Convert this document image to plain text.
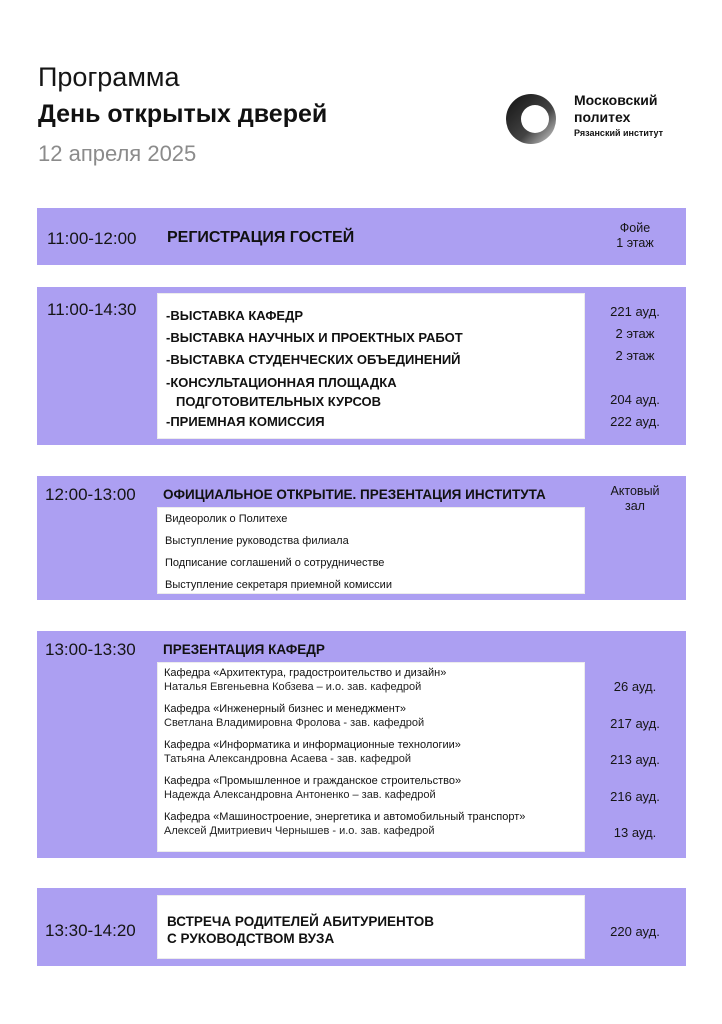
Программа
День открытых дверей
12 апреля 2025
Московский
политех
Рязанский институт
11:00-12:00 РЕГИСТРАЦИЯ ГОСТЕЙ
Фойе
1 этаж
11:00-14:30 -ВЫСТАВКА КАФЕДР
-ВЫСТАВКА НАУЧНЫХ И ПРОЕКТНЫХ РАБОТ
-ВЫСТАВКА СТУДЕНЧЕСКИХ ОБЪЕДИНЕНИЙ
-КОНСУЛЬТАЦИОННАЯ ПЛОЩАДКА
ПОДГОТОВИТЕЛЬНЫХ КУРСОВ
-ПРИЕМНАЯ КОМИССИЯ
221 ауд.
2 этаж
2 этаж
204 ауд.
222 ауд.
12:00-13:00 ОФИЦИАЛЬНОЕ ОТКРЫТИЕ. ПРЕЗЕНТАЦИЯ ИНСТИТУТА
Видеоролик о Политехе
Выступление руководства филиала
Подписание соглашений о сотрудничестве
Выступление секретаря приемной комиссии
Актовый
зал
13:00-13:30 ПРЕЗЕНТАЦИЯ КАФЕДР
Кафедра «Архитектура, градостроительство и дизайн»
Наталья Евгеньевна Кобзева – и.о. зав. кафедрой
Кафедра «Инженерный бизнес и менеджмент»
Светлана Владимировна Фролова - зав. кафедрой
Кафедра «Информатика и информационные технологии»
Татьяна Александровна Асаева - зав. кафедрой
Кафедра «Промышленное и гражданское строительство»
Надежда Александровна Антоненко – зав. кафедрой
Кафедра «Машиностроение, энергетика и автомобильный транспорт»
Алексей Дмитриевич Чернышев - и.о. зав. кафедрой
26 ауд.
217 ауд.
213 ауд.
216 ауд.
13 ауд.
13:30-14:20 ВСТРЕЧА РОДИТЕЛЕЙ АБИТУРИЕНТОВ
С РУКОВОДСТВОМ ВУЗА	220 ауд.
